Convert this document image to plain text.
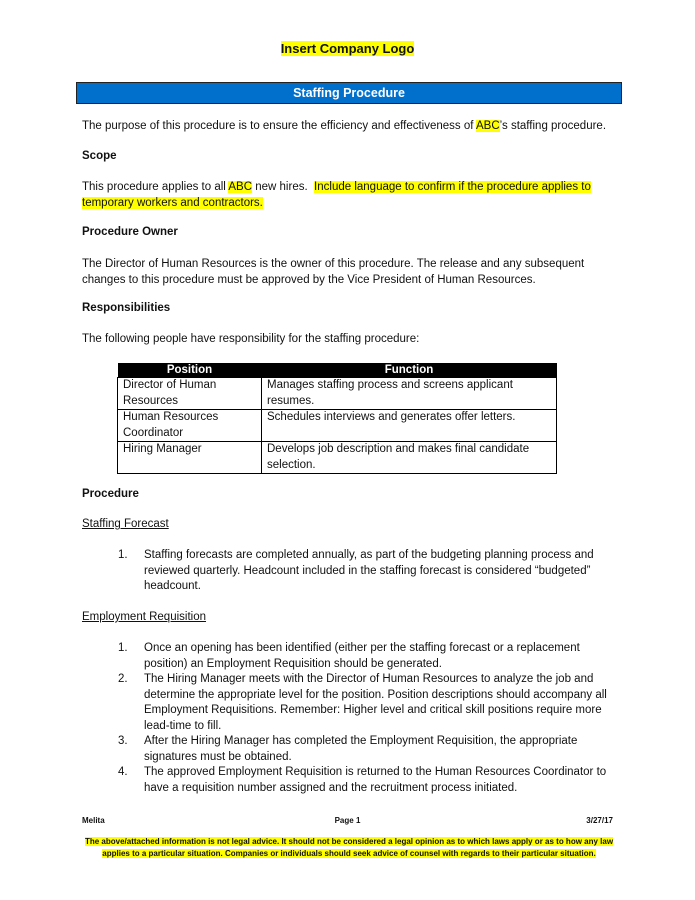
Insert Company Logo
Staffing Procedure
The purpose of this procedure is to ensure the efficiency and effectiveness of ABC’s staffing procedure.
Scope
This procedure applies to all ABC new hires.  Include language to confirm if the procedure applies to temporary workers and contractors.
Procedure Owner
The Director of Human Resources is the owner of this procedure. The release and any subsequent changes to this procedure must be approved by the Vice President of Human Resources.
Responsibilities
The following people have responsibility for the staffing procedure:
Position	Function
Director of Human Resources	Manages staffing process and screens applicant resumes.
Human Resources Coordinator	Schedules interviews and generates offer letters.
Hiring Manager	Develops job description and makes final candidate selection.
Procedure
Staffing Forecast
1. Staffing forecasts are completed annually, as part of the budgeting planning process and reviewed quarterly. Headcount included in the staffing forecast is considered “budgeted” headcount.
Employment Requisition
1. Once an opening has been identified (either per the staffing forecast or a replacement position) an Employment Requisition should be generated.
2. The Hiring Manager meets with the Director of Human Resources to analyze the job and determine the appropriate level for the position. Position descriptions should accompany all Employment Requisitions. Remember: Higher level and critical skill positions require more lead-time to fill.
3. After the Hiring Manager has completed the Employment Requisition, the appropriate signatures must be obtained.
4. The approved Employment Requisition is returned to the Human Resources Coordinator to have a requisition number assigned and the recruitment process initiated.
Melita	Page 1	3/27/17
The above/attached information is not legal advice. It should not be considered a legal opinion as to which laws apply or as to how any law applies to a particular situation. Companies or individuals should seek advice of counsel with regards to their particular situation.
